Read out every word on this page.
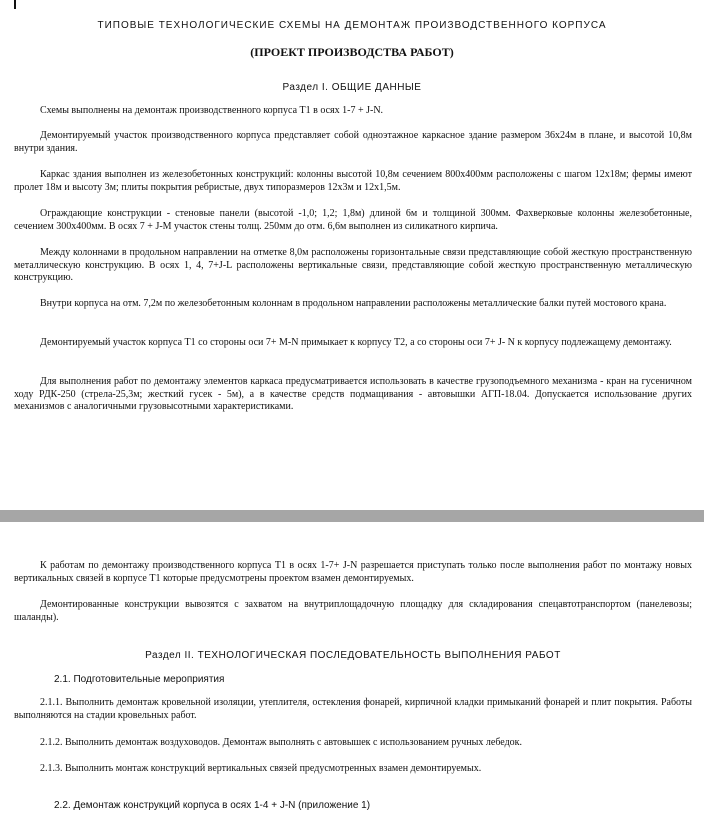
ТИПОВЫЕ ТЕХНОЛОГИЧЕСКИЕ СХЕМЫ НА ДЕМОНТАЖ ПРОИЗВОДСТВЕННОГО КОРПУСА
(ПРОЕКТ ПРОИЗВОДСТВА РАБОТ)
Раздел I. ОБЩИЕ ДАННЫЕ

Схемы выполнены на демонтаж производственного корпуса Т1 в осях 1-7 + J-N.

Демонтируемый участок производственного корпуса представляет собой одноэтажное каркасное здание размером 36х24м в плане, и высотой 10,8м внутри здания.

Каркас здания выполнен из железобетонных конструкций: колонны высотой 10,8м сечением 800х400мм расположены с шагом 12х18м; фермы имеют пролет 18м и высоту 3м; плиты покрытия ребристые, двух типоразмеров 12х3м и 12х1,5м.

Ограждающие конструкции - стеновые панели (высотой -1,0; 1,2; 1,8м) длиной 6м и толщиной 300мм. Фахверковые колонны железобетонные, сечением 300х400мм. В осях 7 + J-M участок стены толщ. 250мм до отм. 6,6м выполнен из силикатного кирпича.

Между колоннами в продольном направлении на отметке 8,0м расположены горизонтальные связи представляющие собой жесткую пространственную металлическую конструкцию. В осях 1, 4, 7+J-L расположены вертикальные связи, представляющие собой жесткую пространственную металлическую конструкцию.

Внутри корпуса на отм. 7,2м по железобетонным колоннам в продольном направлении расположены металлические балки путей мостового крана.

Демонтируемый участок корпуса Т1 со стороны оси 7+ M-N примыкает к корпусу Т2, а со стороны оси 7+ J- N к корпусу подлежащему демонтажу.

Для выполнения работ по демонтажу элементов каркаса предусматривается использовать в качестве грузоподъемного механизма - кран на гусеничном ходу РДК-250 (стрела-25,3м; жесткий гусек - 5м), а в качестве средств подмащивания - автовышки АГП-18.04. Допускается использование других механизмов с аналогичными грузовысотными характеристиками.

К работам по демонтажу производственного корпуса Т1 в осях 1-7+ J-N разрешается приступать только после выполнения работ по монтажу новых вертикальных связей в корпусе Т1 которые предусмотрены проектом взамен демонтируемых.

Демонтированные конструкции вывозятся с захватом на внутриплощадочную площадку для складирования спецавтотранспортом (панелевозы; шаланды).

Раздел II. ТЕХНОЛОГИЧЕСКАЯ ПОСЛЕДОВАТЕЛЬНОСТЬ ВЫПОЛНЕНИЯ РАБОТ
2.1. Подготовительные мероприятия

2.1.1. Выполнить демонтаж кровельной изоляции, утеплителя, остекления фонарей, кирпичной кладки примыканий фонарей и плит покрытия. Работы выполняются на стадии кровельных работ.

2.1.2. Выполнить демонтаж воздуховодов. Демонтаж выполнять с автовышек с использованием ручных лебедок.

2.1.3. Выполнить монтаж конструкций вертикальных связей предусмотренных взамен демонтируемых.

2.2. Демонтаж конструкций корпуса в осях 1-4 + J-N (приложение 1)
